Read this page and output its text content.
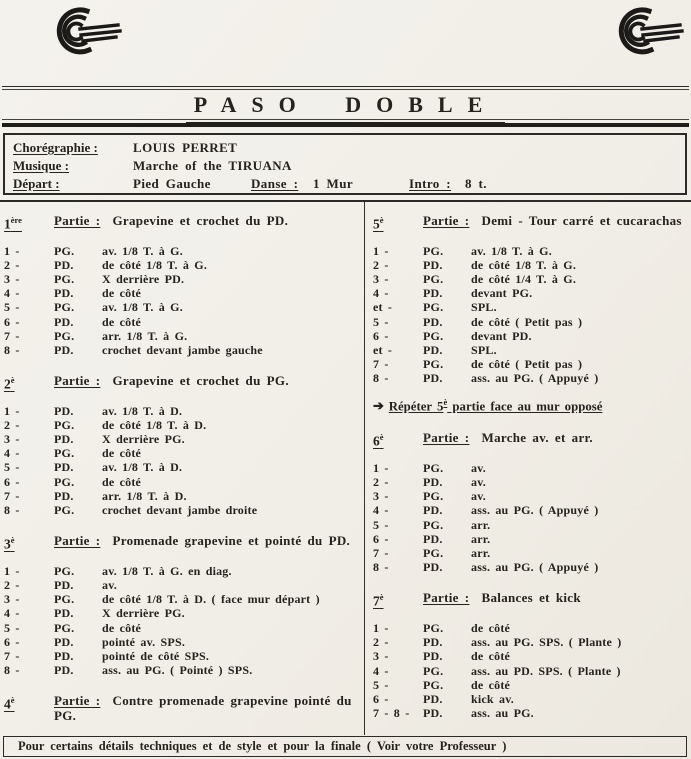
PASO DOBLE
Chorégraphie :	LOUIS PERRET
Musique :	Marche of the TIRUANA
Départ :	Pied Gauche	Danse :	1 Mur	Intro :	8 t.
1ère	Partie :  Grapevine et crochet du PD.
1 -	PG.	av. 1/8 T. à G.
2 -	PD.	de côté 1/8 T. à G.
3 -	PG.	X derrière PD.
4 -	PD.	de côté
5 -	PG.	av. 1/8 T. à G.
6 -	PD.	de côté
7 -	PG.	arr. 1/8 T. à G.
8 -	PD.	crochet devant jambe gauche
$2^è$	Partie :  Grapevine et crochet du PG.
1 -	PD.	av. 1/8 T. à D.
2 -	PG.	de côté 1/8 T. à D.
3 -	PD.	X derrière PG.
4 -	PG.	de côté
5 -	PD.	av. 1/8 T. à D.
6 -	PG.	de côté
7 -	PD.	arr. 1/8 T. à D.
8 -	PG.	crochet devant jambe droite
$3^è$	Partie :  Promenade grapevine et pointé du PD.
1 -	PG.	av. 1/8 T. à G. en diag.
2 -	PD.	av.
3 -	PG.	de côté 1/8 T. à D. ( face mur départ )
4 -	PD.	X derrière PG.
5 -	PG.	de côté
6 -	PD.	pointé av. SPS.
7 -	PD.	pointé de côté SPS.
8 -	PD.	ass. au PG. ( Pointé ) SPS.
$4^è$	Partie :  Contre promenade grapevine pointé du PG.
$5^è$	Partie :  Demi - Tour carré et cucarachas
1 -	PG.	av. 1/8 T. à G.
2 -	PD.	de côté 1/8 T. à G.
3 -	PG.	de côté 1/4 T. à G.
4 -	PD.	devant PG.
et -	PG.	SPL.
5 -	PD.	de côté ( Petit pas )
6 -	PG.	devant PD.
et -	PD.	SPL.
7 -	PG.	de côté ( Petit pas )
8 -	PD.	ass. au PG. ( Appuyé )
➔ Répéter $5^è$ partie face au mur opposé
$6^è$	Partie :  Marche av. et arr.
1 -	PG.	av.
2 -	PD.	av.
3 -	PG.	av.
4 -	PD.	ass. au PG. ( Appuyé )
5 -	PG.	arr.
6 -	PD.	arr.
7 -	PG.	arr.
8 -	PD.	ass. au PG. ( Appuyé )
$7^è$	Partie :  Balances et kick
1 -	PG.	de côté
2 -	PD.	ass. au PG. SPS. ( Plante )
3 -	PD.	de côté
4 -	PG.	ass. au PD. SPS. ( Plante )
5 -	PG.	de côté
6 -	PD.	kick av.
7 - 8 -	PD.	ass. au PG.
Pour certains détails techniques et de style et pour la finale ( Voir votre Professeur )
